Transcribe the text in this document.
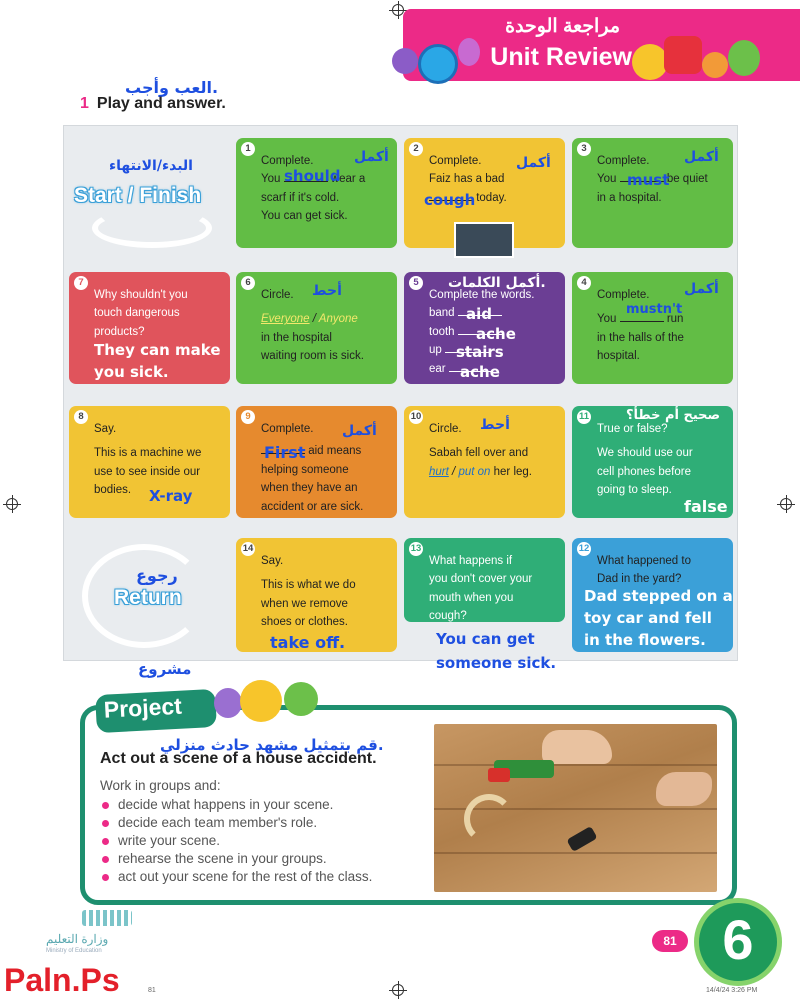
مراجعة الوحدة
Unit Review
العب وأجب.
1 Play and answer.
البدء/الانتهاء
Start / Finish
1
Complete.
You	wear a
scarf if it's cold.
You can get sick.
أكمل
should
2
Complete.
Faiz has a bad
today.
أكمل
cough
3
Complete.
You	be quiet
in a hospital.
أكمل
must
7
Why shouldn't you
touch dangerous
products?
They can make
you sick.
6
Circle.
Everyone / Anyone
in the hospital
waiting room is sick.
أحط
5
Complete the words.
band
tooth
up
ear
أكمل الكلمات.
aid
ache
stairs
ache
4
Complete.
You	run
in the halls of the
hospital.
أكمل
mustn't
8
Say.
This is a machine we
use to see inside our
bodies.	X-ray
9
Complete.
aid means
helping someone
when they have an
accident or are sick.
أكمل
First
10
Circle.
Sabah fell over and
hurt / put on her leg.
أحط
11
True or false?
We should use our
cell phones before
going to sleep.
صحيح أم خطأ؟
false
رجوع
Return
14
Say.
This is what we do
when we remove
shoes or clothes.
take off.
13
What happens if
you don't cover your
mouth when you
cough?
You can get
someone sick.
12
What happened to
Dad in the yard?
Dad stepped on a
toy car and fell
in the flowers.
مشروع
Project
قم بتمثيل مشهد حادث منزلي.
Act out a scene of a house accident.
Work in groups and:
decide what happens in your scene.
decide each team member's role.
write your scene.
rehearse the scene in your groups.
act out your scene for the rest of the class.
وزارة التعليم
Ministry of Education
81 6
Paln.Ps	81	14/4/24 3:26 PM
